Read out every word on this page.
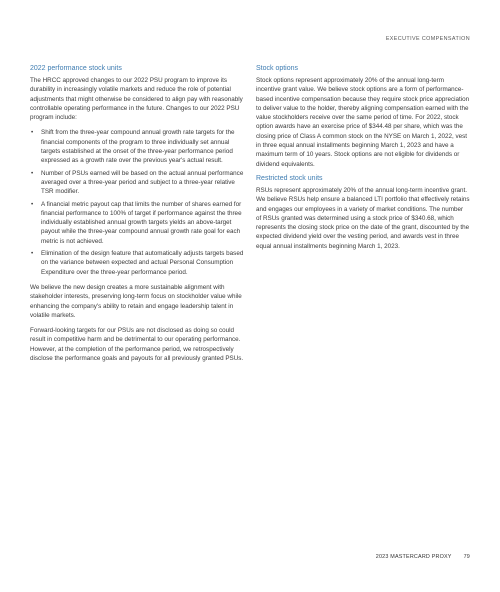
EXECUTIVE COMPENSATION
2022 performance stock units

The HRCC approved changes to our 2022 PSU program to improve its durability in increasingly volatile markets and reduce the role of potential adjustments that might otherwise be considered to align pay with reasonably controllable operating performance in the future. Changes to our 2022 PSU program include:

• Shift from the three-year compound annual growth rate targets for the financial components of the program to three individually set annual targets established at the onset of the three-year performance period expressed as a growth rate over the previous year's actual result.
• Number of PSUs earned will be based on the actual annual performance averaged over a three-year period and subject to a three-year relative TSR modifier.
• A financial metric payout cap that limits the number of shares earned for financial performance to 100% of target if performance against the three individually established annual growth targets yields an above-target payout while the three-year compound annual growth rate goal for each metric is not achieved.
• Elimination of the design feature that automatically adjusts targets based on the variance between expected and actual Personal Consumption Expenditure over the three-year performance period.

We believe the new design creates a more sustainable alignment with stakeholder interests, preserving long-term focus on stockholder value while enhancing the company's ability to retain and engage leadership talent in volatile markets.

Forward-looking targets for our PSUs are not disclosed as doing so could result in competitive harm and be detrimental to our operating performance. However, at the completion of the performance period, we retrospectively disclose the performance goals and payouts for all previously granted PSUs.

Stock options

Stock options represent approximately 20% of the annual long-term incentive grant value. We believe stock options are a form of performance-based incentive compensation because they require stock price appreciation to deliver value to the holder, thereby aligning compensation earned with the value stockholders receive over the same period of time. For 2022, stock option awards have an exercise price of $344.48 per share, which was the closing price of Class A common stock on the NYSE on March 1, 2022, vest in three equal annual installments beginning March 1, 2023 and have a maximum term of 10 years. Stock options are not eligible for dividends or dividend equivalents.

Restricted stock units

RSUs represent approximately 20% of the annual long-term incentive grant. We believe RSUs help ensure a balanced LTI portfolio that effectively retains and engages our employees in a variety of market conditions. The number of RSUs granted was determined using a stock price of $340.68, which represents the closing stock price on the date of the grant, discounted by the expected dividend yield over the vesting period, and awards vest in three equal annual installments beginning March 1, 2023.

2023 MASTERCARD PROXY 79
